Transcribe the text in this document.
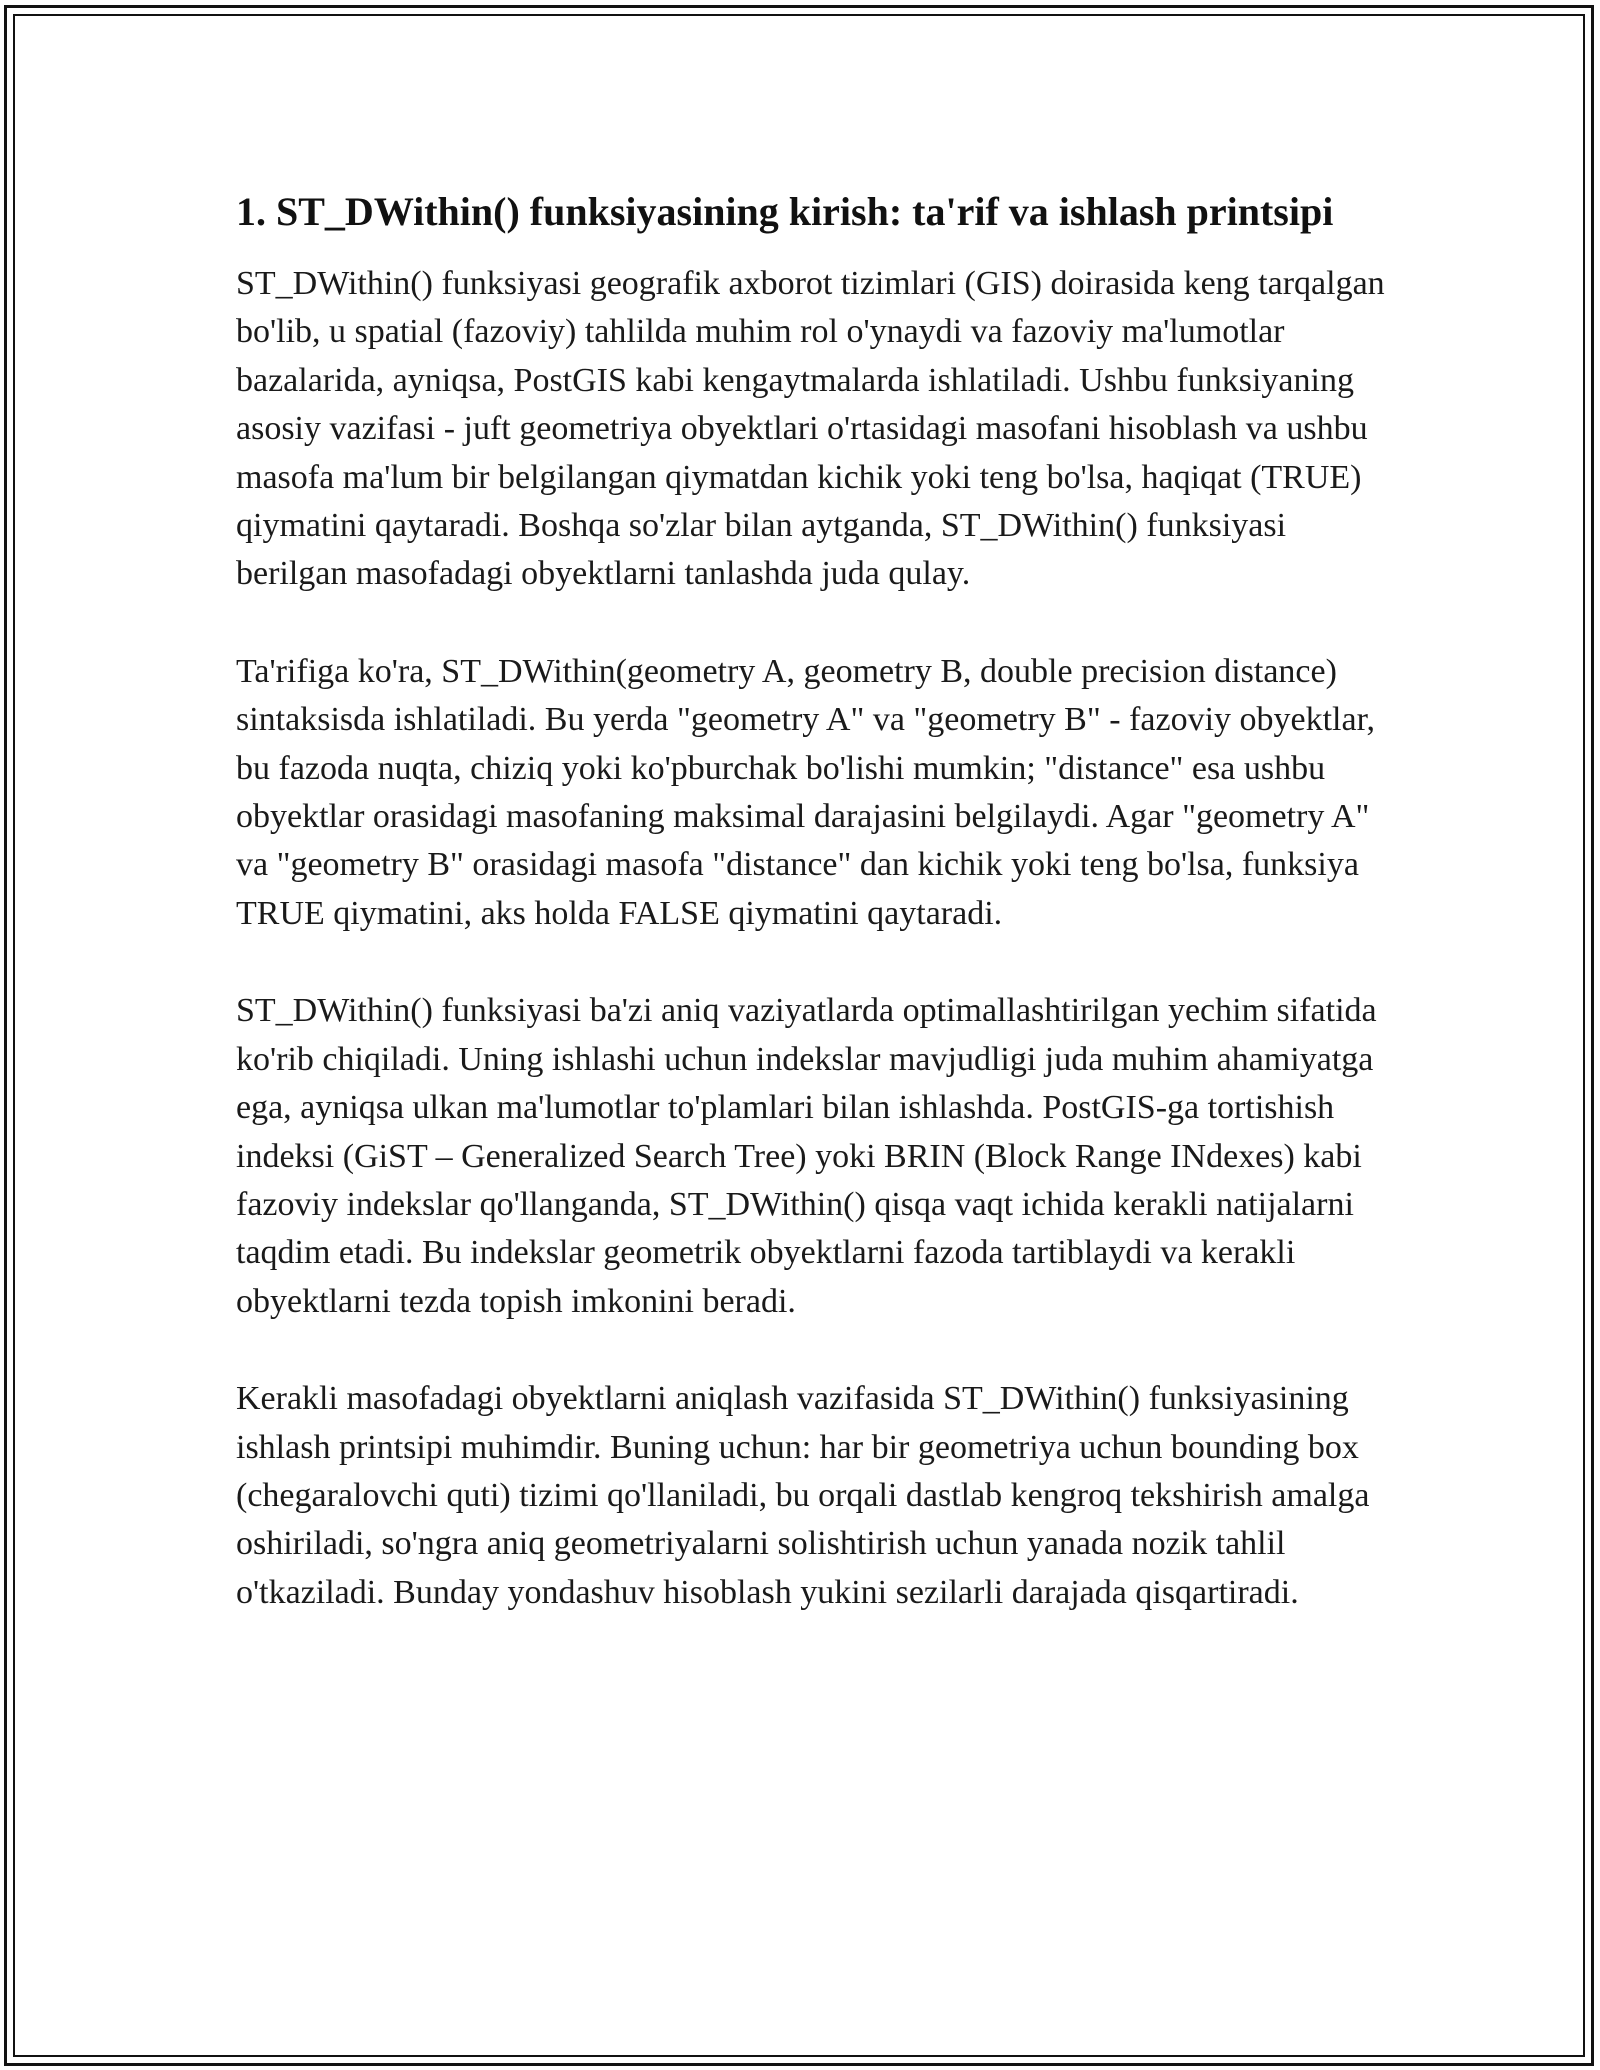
1. ST_DWithin() funksiyasining kirish: ta'rif va ishlash printsipi

ST_DWithin() funksiyasi geografik axborot tizimlari (GIS) doirasida keng tarqalgan bo'lib, u spatial (fazoviy) tahlilda muhim rol o'ynaydi va fazoviy ma'lumotlar bazalarida, ayniqsa, PostGIS kabi kengaytmalarda ishlatiladi. Ushbu funksiyaning asosiy vazifasi - juft geometriya obyektlari o'rtasidagi masofani hisoblash va ushbu masofa ma'lum bir belgilangan qiymatdan kichik yoki teng bo'lsa, haqiqat (TRUE) qiymatini qaytaradi. Boshqa so'zlar bilan aytganda, ST_DWithin() funksiyasi berilgan masofadagi obyektlarni tanlashda juda qulay.

Ta'rifiga ko'ra, ST_DWithin(geometry A, geometry B, double precision distance) sintaksisda ishlatiladi. Bu yerda "geometry A" va "geometry B" - fazoviy obyektlar, bu fazoda nuqta, chiziq yoki ko'pburchak bo'lishi mumkin; "distance" esa ushbu obyektlar orasidagi masofaning maksimal darajasini belgilaydi. Agar "geometry A" va "geometry B" orasidagi masofa "distance" dan kichik yoki teng bo'lsa, funksiya TRUE qiymatini, aks holda FALSE qiymatini qaytaradi.

ST_DWithin() funksiyasi ba'zi aniq vaziyatlarda optimallashtirilgan yechim sifatida ko'rib chiqiladi. Uning ishlashi uchun indekslar mavjudligi juda muhim ahamiyatga ega, ayniqsa ulkan ma'lumotlar to'plamlari bilan ishlashda. PostGIS-ga tortishish indeksi (GiST – Generalized Search Tree) yoki BRIN (Block Range INdexes) kabi fazoviy indekslar qo'llanganda, ST_DWithin() qisqa vaqt ichida kerakli natijalarni taqdim etadi. Bu indekslar geometrik obyektlarni fazoda tartiblaydi va kerakli obyektlarni tezda topish imkonini beradi.

Kerakli masofadagi obyektlarni aniqlash vazifasida ST_DWithin() funksiyasining ishlash printsipi muhimdir. Buning uchun: har bir geometriya uchun bounding box (chegaralovchi quti) tizimi qo'llaniladi, bu orqali dastlab kengroq tekshirish amalga oshiriladi, so'ngra aniq geometriyalarni solishtirish uchun yanada nozik tahlil o'tkaziladi. Bunday yondashuv hisoblash yukini sezilarli darajada qisqartiradi.
